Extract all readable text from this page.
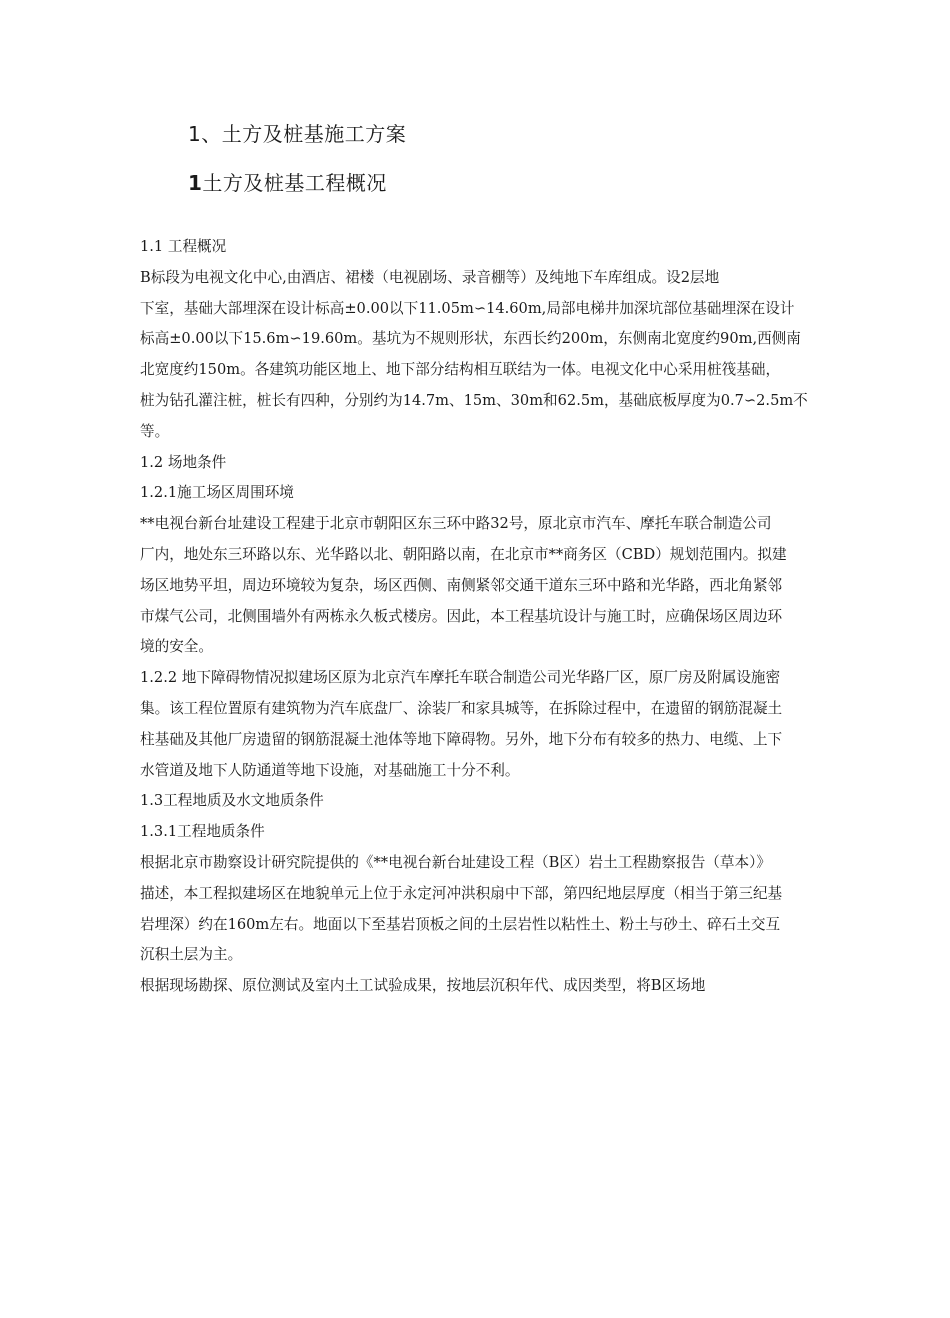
1、土方及桩基施工方案
1土方及桩基工程概况
1.1 工程概况
B标段为电视文化中心,由酒店、裙楼（电视剧场、录音棚等）及纯地下车库组成。设2层地
下室，基础大部埋深在设计标高±0.00以下11.05m∽14.60m,局部电梯井加深坑部位基础埋深在设计
标高±0.00以下15.6m∽19.60m。基坑为不规则形状，东西长约200m，东侧南北宽度约90m,西侧南
北宽度约150m。各建筑功能区地上、地下部分结构相互联结为一体。电视文化中心采用桩筏基础，
桩为钻孔灌注桩，桩长有四种，分别约为14.7m、15m、30m和62.5m，基础底板厚度为0.7∽2.5m不
等。
1.2 场地条件
1.2.1施工场区周围环境
**电视台新台址建设工程建于北京市朝阳区东三环中路32号，原北京市汽车、摩托车联合制造公司
厂内，地处东三环路以东、光华路以北、朝阳路以南，在北京市**商务区（CBD）规划范围内。拟建
场区地势平坦，周边环境较为复杂，场区西侧、南侧紧邻交通干道东三环中路和光华路，西北角紧邻
市煤气公司，北侧围墙外有两栋永久板式楼房。因此，本工程基坑设计与施工时，应确保场区周边环
境的安全。
1.2.2 地下障碍物情况拟建场区原为北京汽车摩托车联合制造公司光华路厂区，原厂房及附属设施密
集。该工程位置原有建筑物为汽车底盘厂、涂装厂和家具城等，在拆除过程中，在遗留的钢筋混凝土
柱基础及其他厂房遗留的钢筋混凝土池体等地下障碍物。另外，地下分布有较多的热力、电缆、上下
水管道及地下人防通道等地下设施，对基础施工十分不利。
1.3工程地质及水文地质条件
1.3.1工程地质条件
根据北京市勘察设计研究院提供的《**电视台新台址建设工程（B区）岩土工程勘察报告（草本）》
描述，本工程拟建场区在地貌单元上位于永定河冲洪积扇中下部，第四纪地层厚度（相当于第三纪基
岩埋深）约在160m左右。地面以下至基岩顶板之间的土层岩性以粘性土、粉土与砂土、碎石土交互
沉积土层为主。
根据现场勘探、原位测试及室内土工试验成果，按地层沉积年代、成因类型，将B区场地
